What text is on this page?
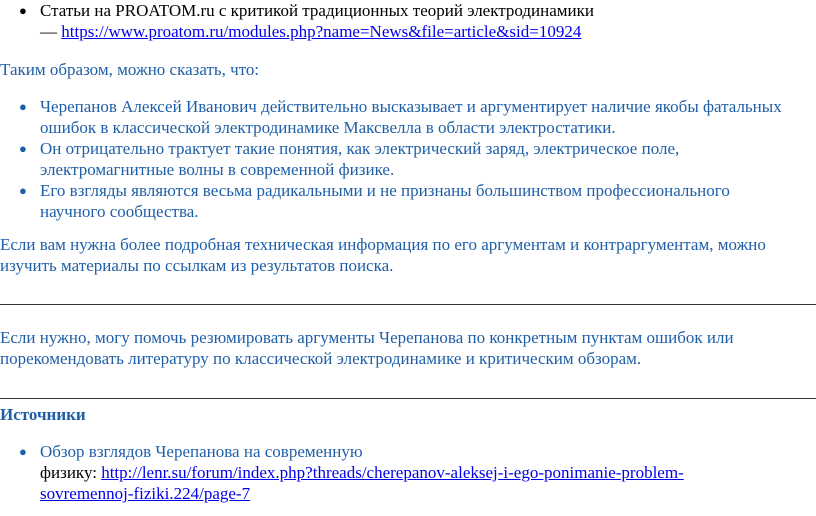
● Статьи на PROATOM.ru с критикой традиционных теорий электродинамики
— https://www.proatom.ru/modules.php?name=News&file=article&sid=10924

Таким образом, можно сказать, что:

● Черепанов Алексей Иванович действительно высказывает и аргументирует наличие якобы фатальных ошибок в классической электродинамике Максвелла в области электростатики.
● Он отрицательно трактует такие понятия, как электрический заряд, электрическое поле, электромагнитные волны в современной физике.
● Его взгляды являются весьма радикальными и не признаны большинством профессионального научного сообщества.

Если вам нужна более подробная техническая информация по его аргументам и контраргументам, можно изучить материалы по ссылкам из результатов поиска.

Если нужно, могу помочь резюмировать аргументы Черепанова по конкретным пунктам ошибок или порекомендовать литературу по классической электродинамике и критическим обзорам.

Источники

● Обзор взглядов Черепанова на современную
физику: http://lenr.su/forum/index.php?threads/cherepanov-aleksej-i-ego-ponimanie-problem-
sovremennoj-fiziki.224/page-7
